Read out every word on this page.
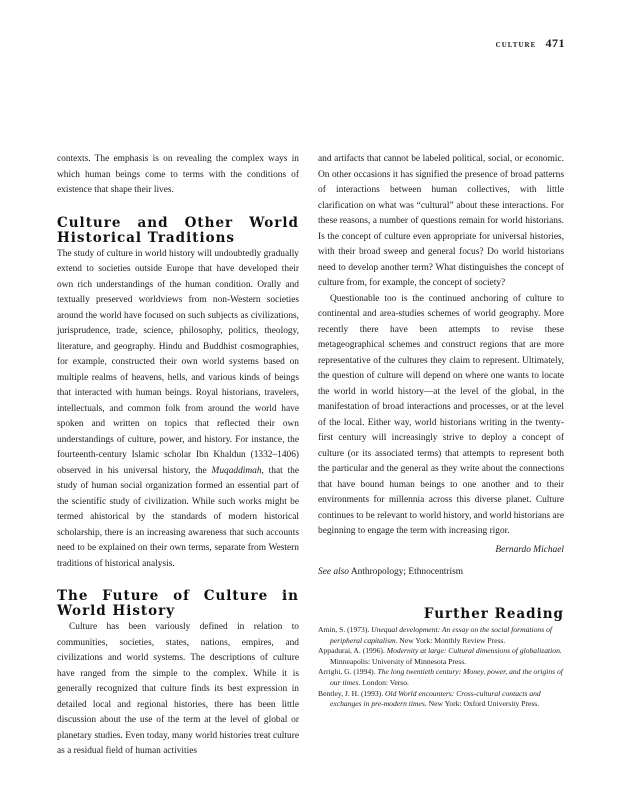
culture 471

contexts. The emphasis is on revealing the complex ways in which human beings come to terms with the conditions of existence that shape their lives.

Culture and Other World Historical Traditions

The study of culture in world history will undoubtedly gradually extend to societies outside Europe that have developed their own rich understandings of the human condition. Orally and textually preserved worldviews from non-Western societies around the world have focused on such subjects as civilizations, jurisprudence, trade, science, philosophy, politics, theology, literature, and geography. Hindu and Buddhist cosmographies, for example, constructed their own world systems based on multiple realms of heavens, hells, and various kinds of beings that interacted with human beings. Royal historians, travelers, intellectuals, and common folk from around the world have spoken and written on topics that reflected their own understandings of culture, power, and history. For instance, the fourteenth-century Islamic scholar Ibn Khaldun (1332–1406) observed in his universal history, the Muqaddimah, that the study of human social organization formed an essential part of the scientific study of civilization. While such works might be termed ahistorical by the standards of modern historical scholarship, there is an increasing awareness that such accounts need to be explained on their own terms, separate from Western traditions of historical analysis.

The Future of Culture in World History

Culture has been variously defined in relation to communities, societies, states, nations, empires, and civilizations and world systems. The descriptions of culture have ranged from the simple to the complex. While it is generally recognized that culture finds its best expression in detailed local and regional histories, there has been little discussion about the use of the term at the level of global or planetary studies. Even today, many world histories treat culture as a residual field of human activities

and artifacts that cannot be labeled political, social, or economic. On other occasions it has signified the presence of broad patterns of interactions between human collectives, with little clarification on what was “cultural” about these interactions. For these reasons, a number of questions remain for world historians. Is the concept of culture even appropriate for universal histories, with their broad sweep and general focus? Do world historians need to develop another term? What distinguishes the concept of culture from, for example, the concept of society?

Questionable too is the continued anchoring of culture to continental and area-studies schemes of world geography. More recently there have been attempts to revise these metageographical schemes and construct regions that are more representative of the cultures they claim to represent. Ultimately, the question of culture will depend on where one wants to locate the world in world history—at the level of the global, in the manifestation of broad interactions and processes, or at the level of the local. Either way, world historians writing in the twenty-first century will increasingly strive to deploy a concept of culture (or its associated terms) that attempts to represent both the particular and the general as they write about the connections that have bound human beings to one another and to their environments for millennia across this diverse planet. Culture continues to be relevant to world history, and world historians are beginning to engage the term with increasing rigor.

Bernardo Michael

See also Anthropology; Ethnocentrism

Further Reading
Amin, S. (1973). Unequal development: An essay on the social formations of peripheral capitalism. New York: Monthly Review Press.
Appadurai, A. (1996). Modernity at large: Cultural dimensions of globalization. Minneapolis: University of Minnesota Press.
Arrighi, G. (1994). The long twentieth century: Money, power, and the origins of our times. London: Verso.
Bentley, J. H. (1993). Old World encounters: Cross-cultural contacts and exchanges in pre-modern times. New York: Oxford University Press.
